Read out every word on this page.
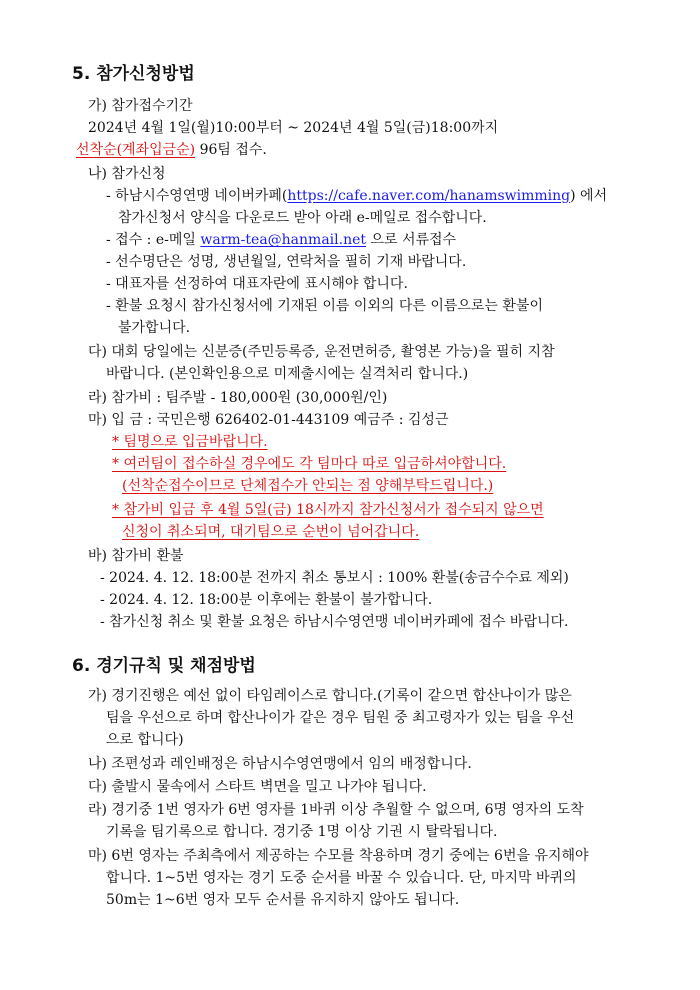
5. 참가신청방법
가) 참가접수기간
2024년 4월 1일(월)10:00부터 ~ 2024년 4월 5일(금)18:00까지
선착순(계좌입금순) 96팀 접수.
나) 참가신청
- 하남시수영연맹 네이버카페(https://cafe.naver.com/hanamswimming) 에서
참가신청서 양식을 다운로드 받아 아래 e-메일로 접수합니다.
- 접수 : e-메일 warm-tea@hanmail.net 으로 서류접수
- 선수명단은 성명, 생년월일, 연락처을 필히 기재 바랍니다.
- 대표자를 선정하여 대표자란에 표시해야 합니다.
- 환불 요청시 참가신청서에 기재된 이름 이외의 다른 이름으로는 환불이
불가합니다.
다) 대회 당일에는 신분증(주민등록증, 운전면허증, 촬영본 가능)을 필히 지참
바랍니다. (본인확인용으로 미제출시에는 실격처리 합니다.)
라) 참가비 : 팀주발 - 180,000원 (30,000원/인)
마) 입 금 : 국민은행 626402-01-443109 예금주 : 김성근
* 팀명으로 입금바랍니다.
* 여러팀이 접수하실 경우에도 각 팀마다 따로 입금하셔야합니다.
(선착순접수이므로 단체접수가 안되는 점 양해부탁드립니다.)
* 참가비 입금 후 4월 5일(금) 18시까지 참가신청서가 접수되지 않으면
신청이 취소되며, 대기팀으로 순번이 넘어갑니다.
바) 참가비 환불
- 2024. 4. 12. 18:00분 전까지 취소 통보시 : 100% 환불(송금수수료 제외)
- 2024. 4. 12. 18:00분 이후에는 환불이 불가합니다.
- 참가신청 취소 및 환불 요청은 하남시수영연맹 네이버카페에 접수 바랍니다.
6. 경기규칙 및 채점방법
가) 경기진행은 예선 없이 타임레이스로 합니다.(기록이 같으면 합산나이가 많은
팀을 우선으로 하며 합산나이가 같은 경우 팀원 중 최고령자가 있는 팀을 우선
으로 합니다)
나) 조편성과 레인배정은 하남시수영연맹에서 임의 배정합니다.
다) 출발시 물속에서 스타트 벽면을 밀고 나가야 됩니다.
라) 경기중 1번 영자가 6번 영자를 1바퀴 이상 추월할 수 없으며, 6명 영자의 도착
기록을 팀기록으로 합니다. 경기중 1명 이상 기권 시 탈락됩니다.
마) 6번 영자는 주최측에서 제공하는 수모를 착용하며 경기 중에는 6번을 유지해야
합니다. 1~5번 영자는 경기 도중 순서를 바꿀 수 있습니다. 단, 마지막 바퀴의
50m는 1~6번 영자 모두 순서를 유지하지 않아도 됩니다.
